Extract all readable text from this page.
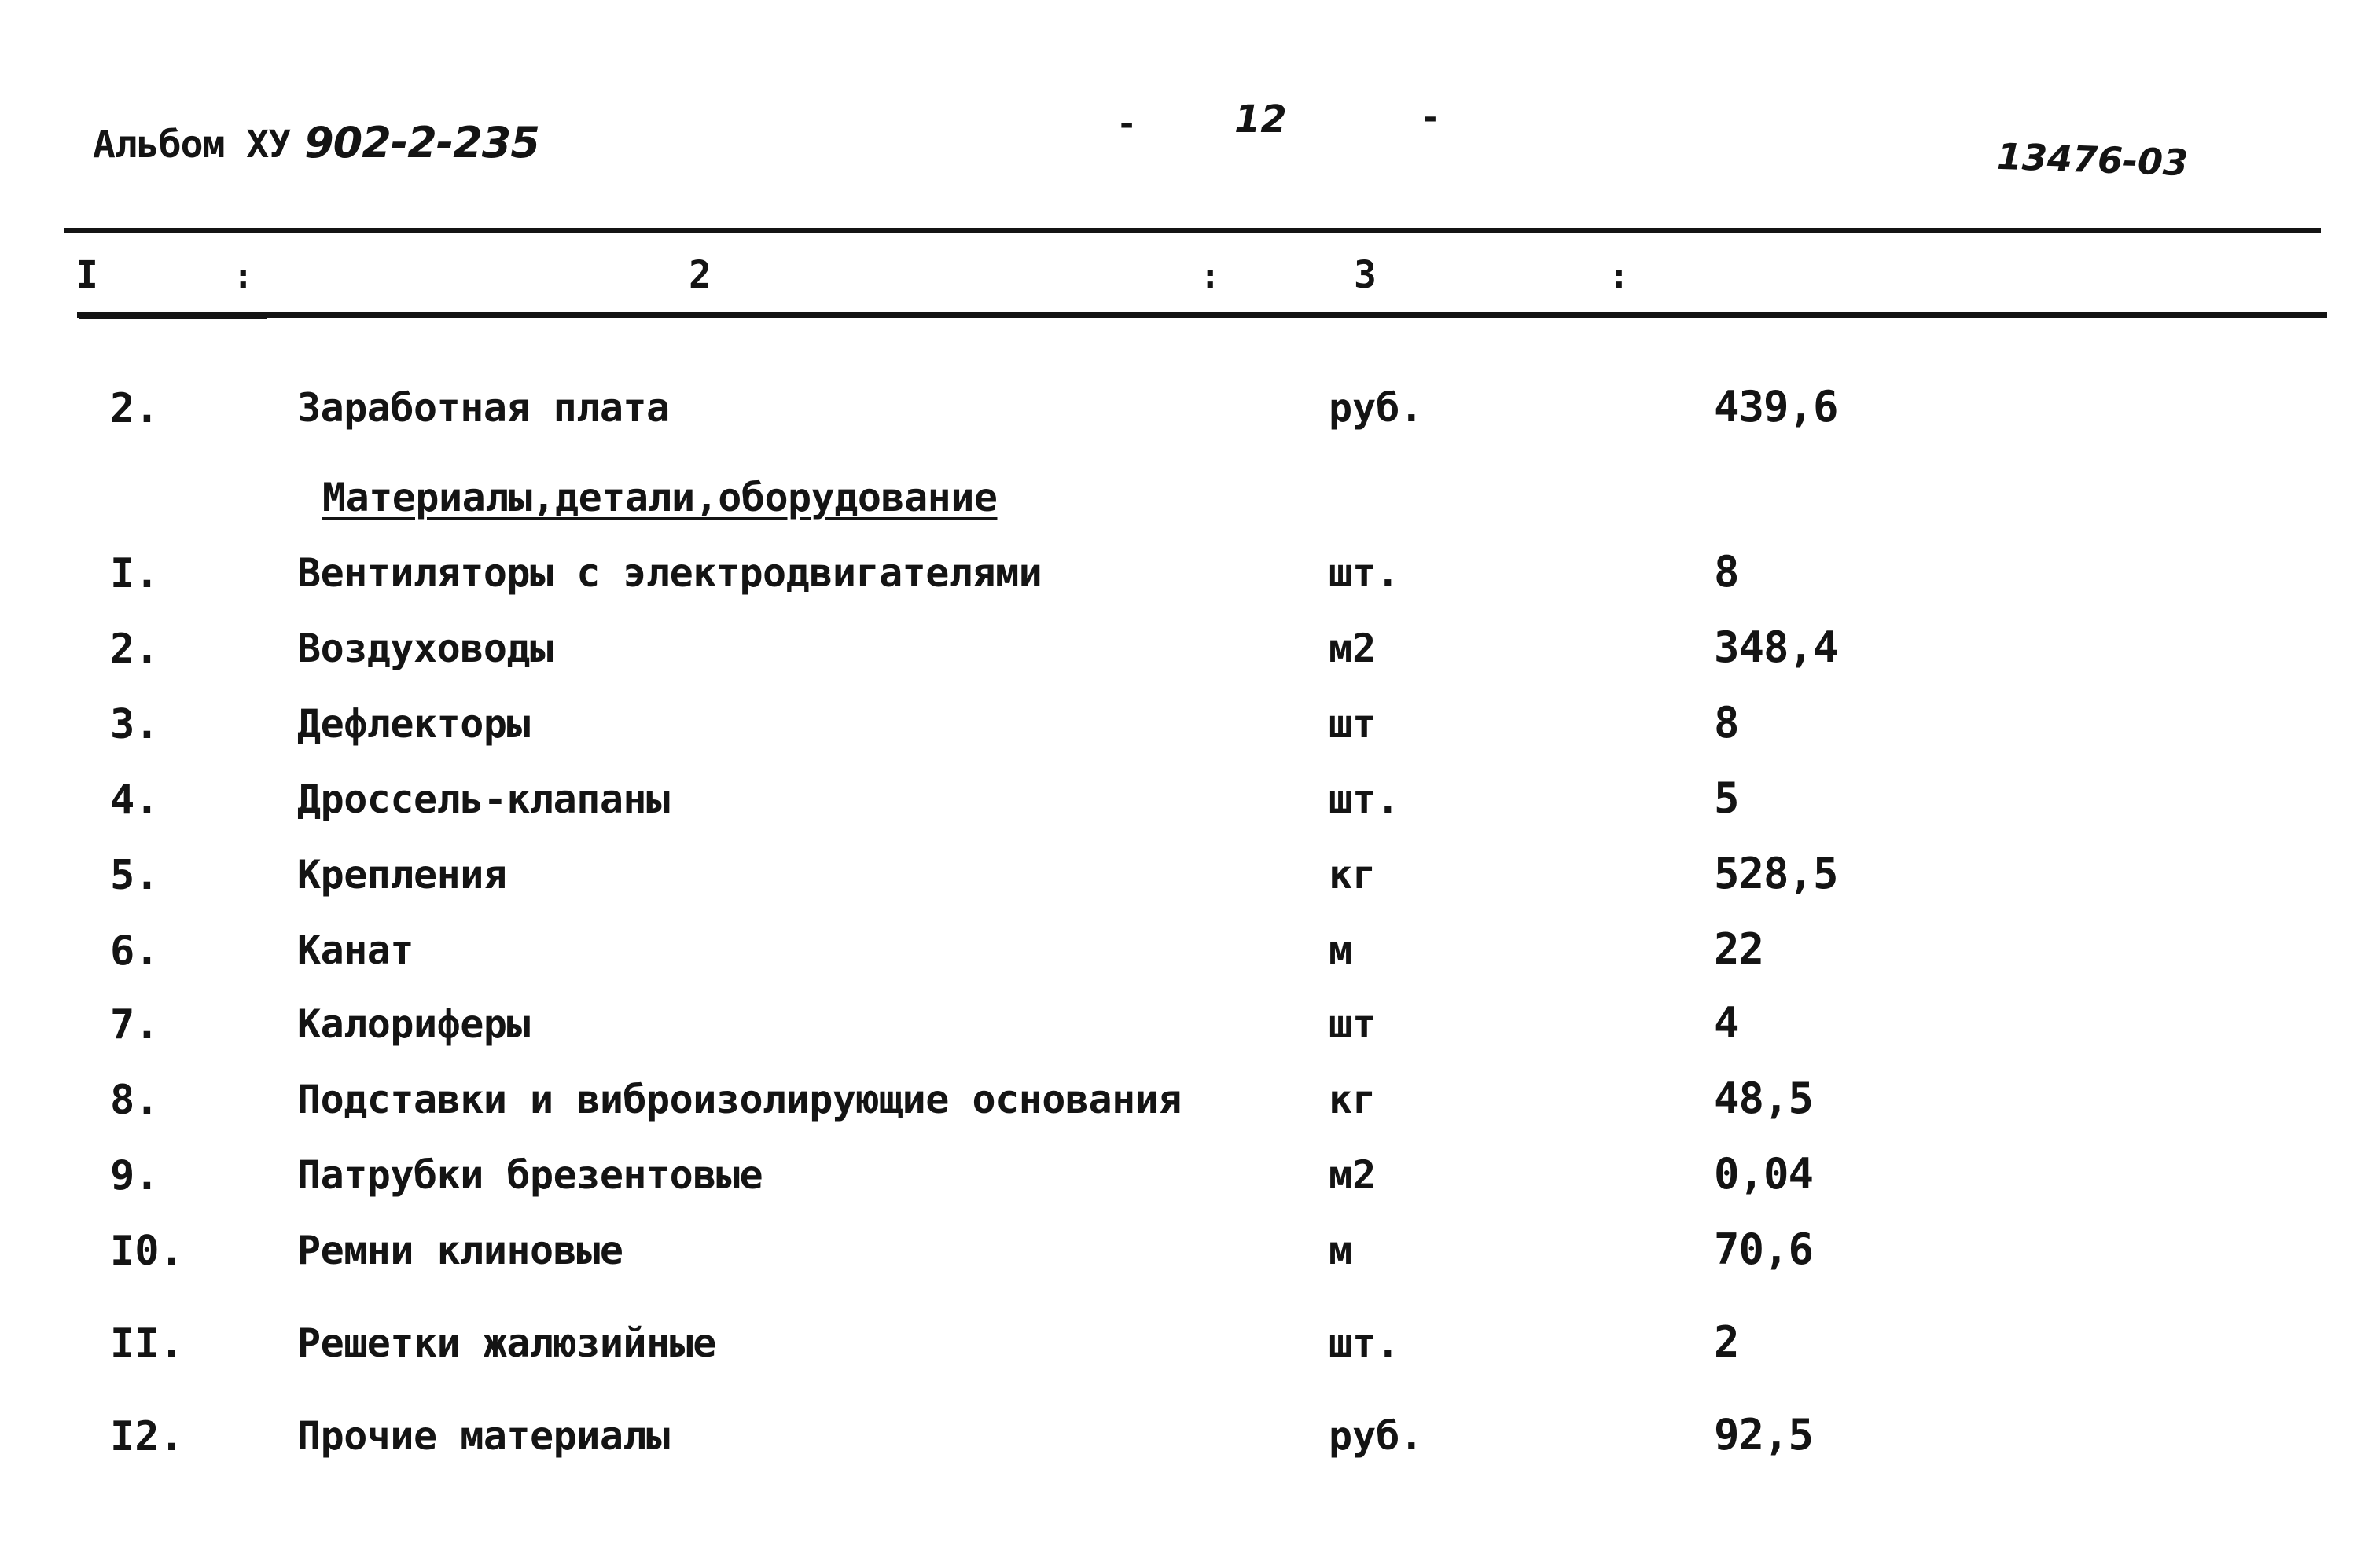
Альбом ХУ 902-2-235	-	12	-
13476-03
I	:	2	:	3	:
2.	Заработная плата	руб.	439,6
Материалы,детали,оборудование
I.	Вентиляторы с электродвигателями	шт.	8
2.	Воздуховоды	м2	348,4
3.	Дефлекторы	шт	8
4.	Дроссель-клапаны	шт.	5
5.	Крепления	кг	528,5
6.	Канат	м	22
7.	Калориферы	шт	4
8.	Подставки и виброизолирующие основания	кг	48,5
9.	Патрубки брезентовые	м2	0,04
I0.	Ремни клиновые	м	70,6
II.	Решетки жалюзийные	шт.	2
I2.	Прочие материалы	руб.	92,5
